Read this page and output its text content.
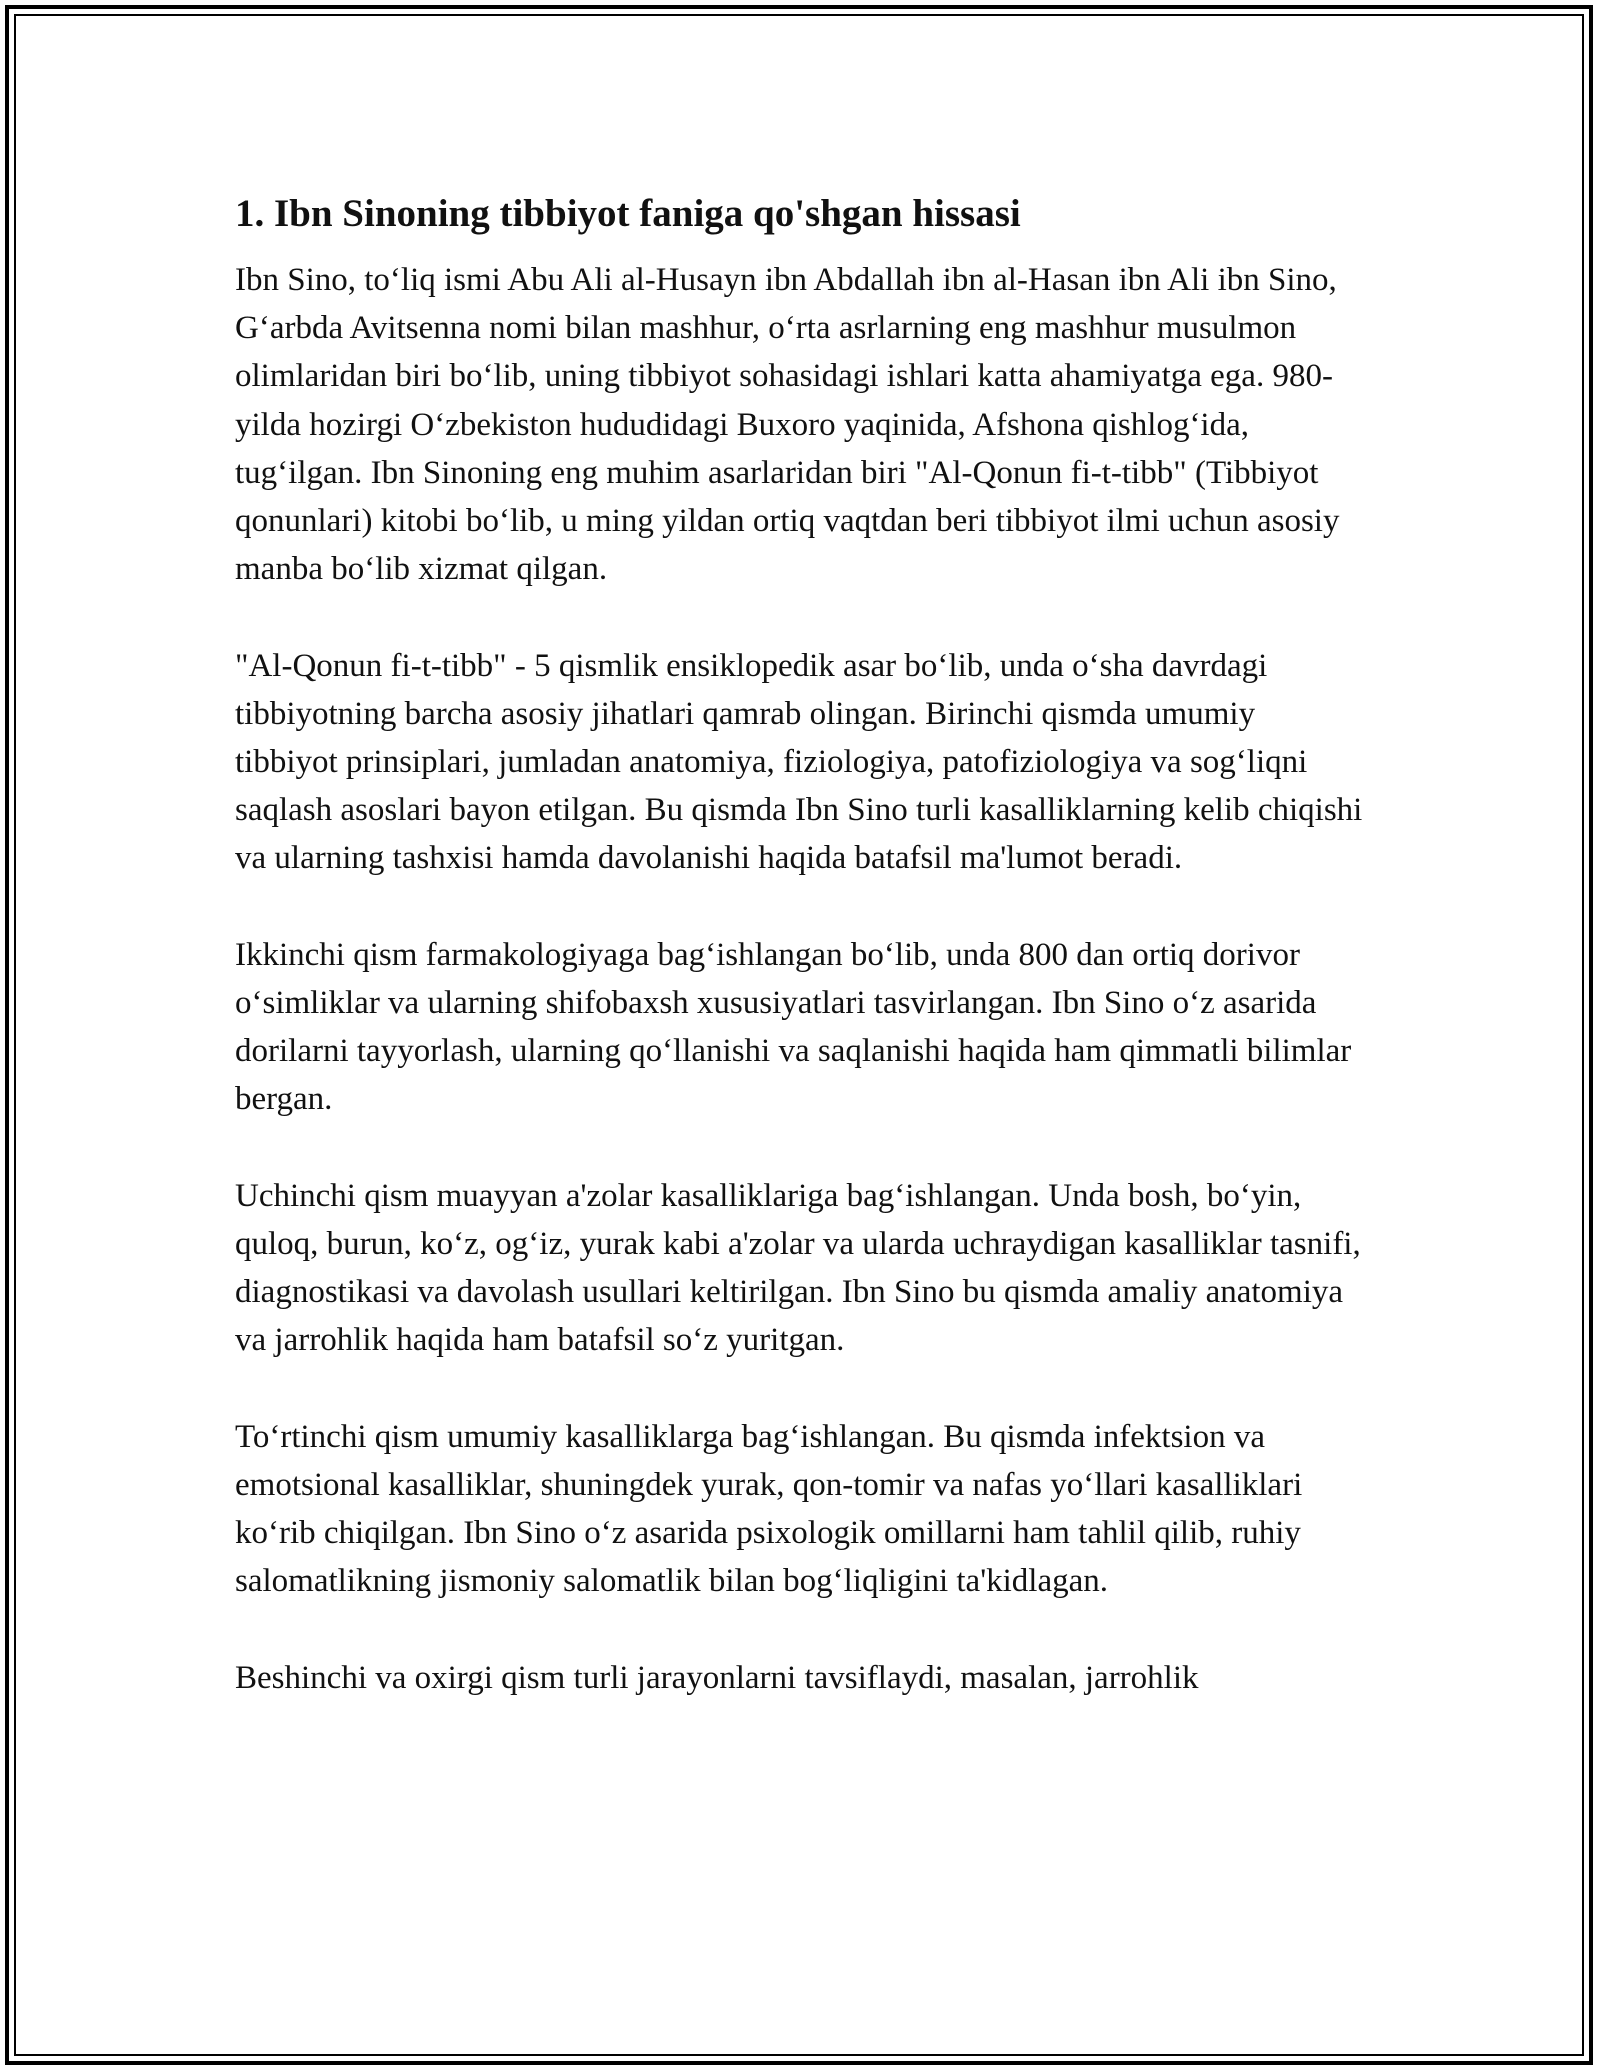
1. Ibn Sinoning tibbiyot faniga qo'shgan hissasi

Ibn Sino, to‘liq ismi Abu Ali al-Husayn ibn Abdallah ibn al-Hasan ibn Ali ibn Sino, G‘arbda Avitsenna nomi bilan mashhur, o‘rta asrlarning eng mashhur musulmon olimlaridan biri bo‘lib, uning tibbiyot sohasidagi ishlari katta ahamiyatga ega. 980-yilda hozirgi O‘zbekiston hududidagi Buxoro yaqinida, Afshona qishlog‘ida, tug‘ilgan. Ibn Sinoning eng muhim asarlaridan biri "Al-Qonun fi-t-tibb" (Tibbiyot qonunlari) kitobi bo‘lib, u ming yildan ortiq vaqtdan beri tibbiyot ilmi uchun asosiy manba bo‘lib xizmat qilgan.

"Al-Qonun fi-t-tibb" - 5 qismlik ensiklopedik asar bo‘lib, unda o‘sha davrdagi tibbiyotning barcha asosiy jihatlari qamrab olingan. Birinchi qismda umumiy tibbiyot prinsiplari, jumladan anatomiya, fiziologiya, patofiziologiya va sog‘liqni saqlash asoslari bayon etilgan. Bu qismda Ibn Sino turli kasalliklarning kelib chiqishi va ularning tashxisi hamda davolanishi haqida batafsil ma'lumot beradi.

Ikkinchi qism farmakologiyaga bag‘ishlangan bo‘lib, unda 800 dan ortiq dorivor o‘simliklar va ularning shifobaxsh xususiyatlari tasvirlangan. Ibn Sino o‘z asarida dorilarni tayyorlash, ularning qo‘llanishi va saqlanishi haqida ham qimmatli bilimlar bergan.

Uchinchi qism muayyan a'zolar kasalliklariga bag‘ishlangan. Unda bosh, bo‘yin, quloq, burun, ko‘z, og‘iz, yurak kabi a'zolar va ularda uchraydigan kasalliklar tasnifi, diagnostikasi va davolash usullari keltirilgan. Ibn Sino bu qismda amaliy anatomiya va jarrohlik haqida ham batafsil so‘z yuritgan.

To‘rtinchi qism umumiy kasalliklarga bag‘ishlangan. Bu qismda infektsion va emotsional kasalliklar, shuningdek yurak, qon-tomir va nafas yo‘llari kasalliklari ko‘rib chiqilgan. Ibn Sino o‘z asarida psixologik omillarni ham tahlil qilib, ruhiy salomatlikning jismoniy salomatlik bilan bog‘liqligini ta'kidlagan.

Beshinchi va oxirgi qism turli jarayonlarni tavsiflaydi, masalan, jarrohlik
